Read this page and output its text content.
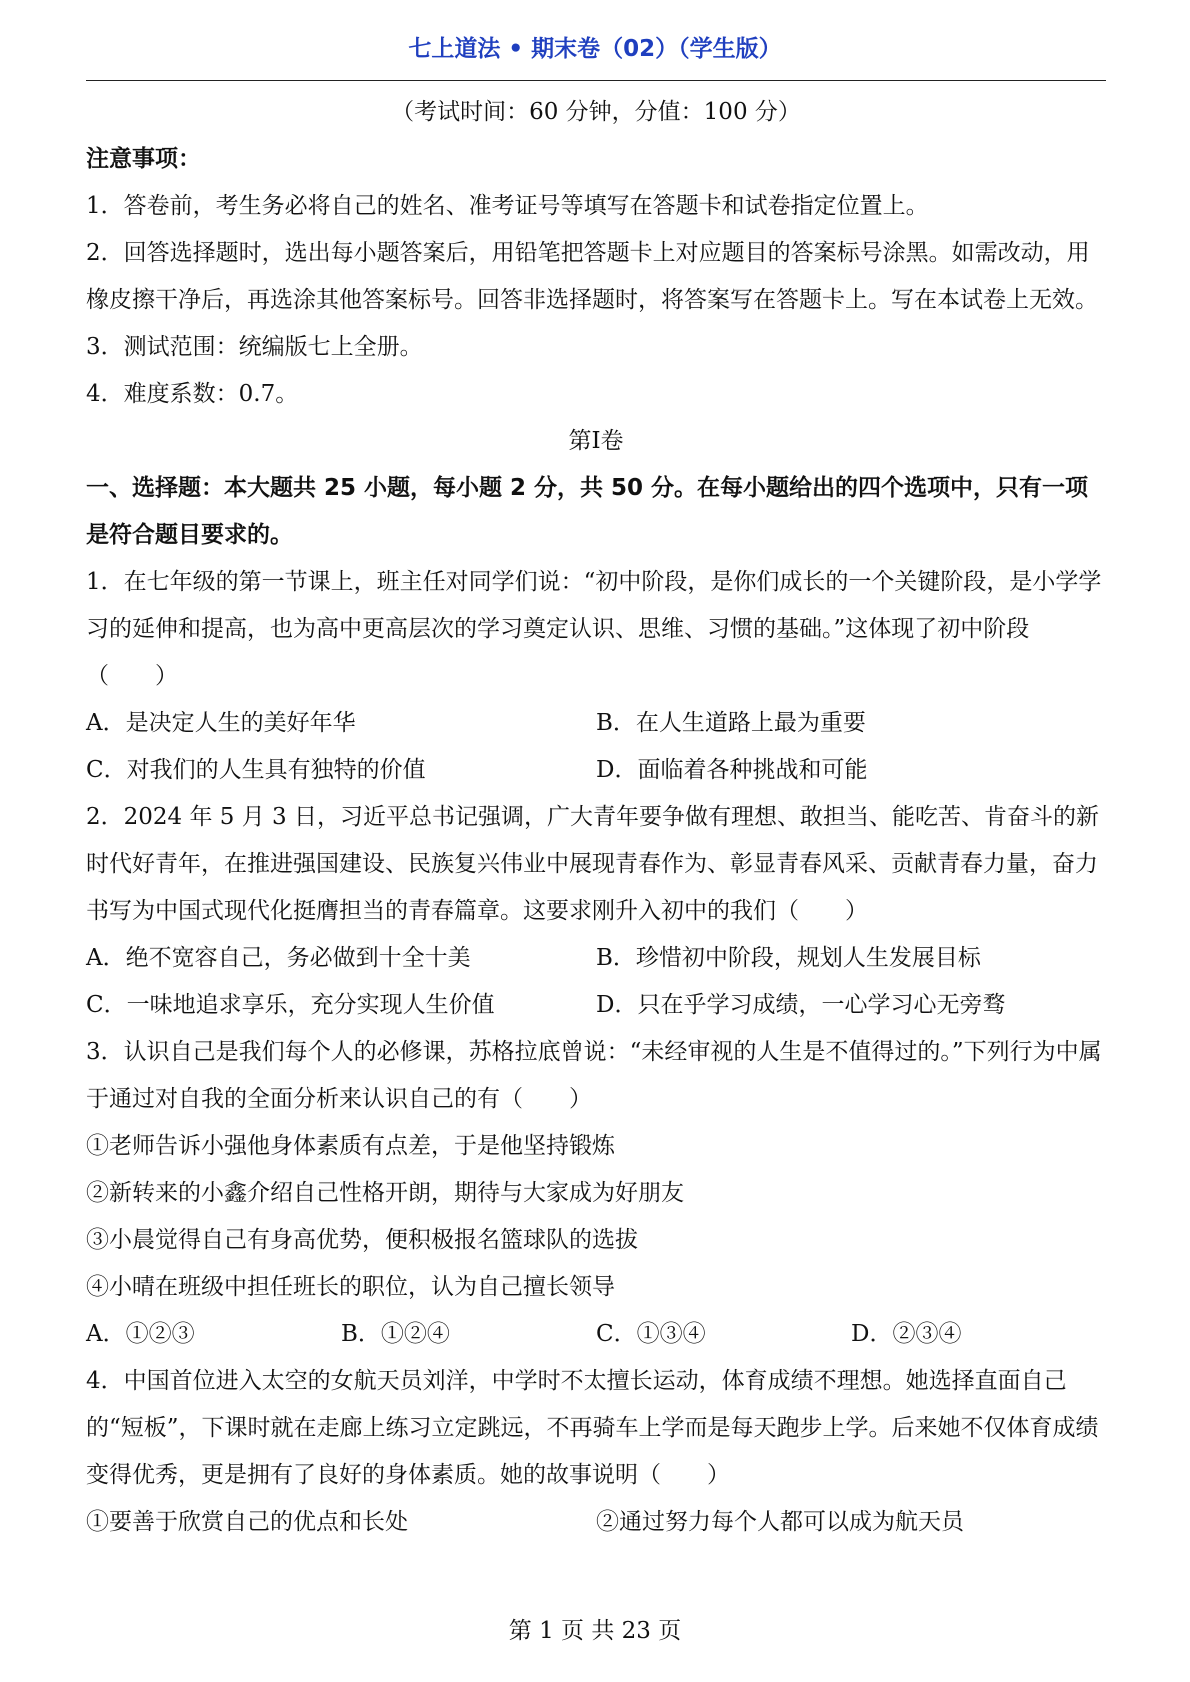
七上道法 • 期末卷（02）（学生版）
（考试时间：60 分钟，分值：100 分）
注意事项：
1．答卷前，考生务必将自己的姓名、准考证号等填写在答题卡和试卷指定位置上。
2．回答选择题时，选出每小题答案后，用铅笔把答题卡上对应题目的答案标号涂黑。如需改动，用橡皮擦干净后，再选涂其他答案标号。回答非选择题时，将答案写在答题卡上。写在本试卷上无效。
3．测试范围：统编版七上全册。
4．难度系数：0.7。
第I卷
一、选择题：本大题共 25 小题，每小题 2 分，共 50 分。在每小题给出的四个选项中，只有一项是符合题目要求的。
1．在七年级的第一节课上，班主任对同学们说：“初中阶段，是你们成长的一个关键阶段，是小学学习的延伸和提高，也为高中更高层次的学习奠定认识、思维、习惯的基础。”这体现了初中阶段（　　）
A．是决定人生的美好年华	B．在人生道路上最为重要
C．对我们的人生具有独特的价值	D．面临着各种挑战和可能
2．2024 年 5 月 3 日，习近平总书记强调，广大青年要争做有理想、敢担当、能吃苦、肯奋斗的新时代好青年，在推进强国建设、民族复兴伟业中展现青春作为、彰显青春风采、贡献青春力量，奋力书写为中国式现代化挺膺担当的青春篇章。这要求刚升入初中的我们（　　）
A．绝不宽容自己，务必做到十全十美	B．珍惜初中阶段，规划人生发展目标
C．一味地追求享乐，充分实现人生价值	D．只在乎学习成绩，一心学习心无旁骛
3．认识自己是我们每个人的必修课，苏格拉底曾说：“未经审视的人生是不值得过的。”下列行为中属于通过对自我的全面分析来认识自己的有（　　）
①老师告诉小强他身体素质有点差，于是他坚持锻炼
②新转来的小鑫介绍自己性格开朗，期待与大家成为好朋友
③小晨觉得自己有身高优势，便积极报名篮球队的选拔
④小晴在班级中担任班长的职位，认为自己擅长领导
A．①②③	B．①②④	C．①③④	D．②③④
4．中国首位进入太空的女航天员刘洋，中学时不太擅长运动，体育成绩不理想。她选择直面自己的“短板”，下课时就在走廊上练习立定跳远，不再骑车上学而是每天跑步上学。后来她不仅体育成绩变得优秀，更是拥有了良好的身体素质。她的故事说明（　　）
①要善于欣赏自己的优点和长处	②通过努力每个人都可以成为航天员
第 1 页 共 23 页
